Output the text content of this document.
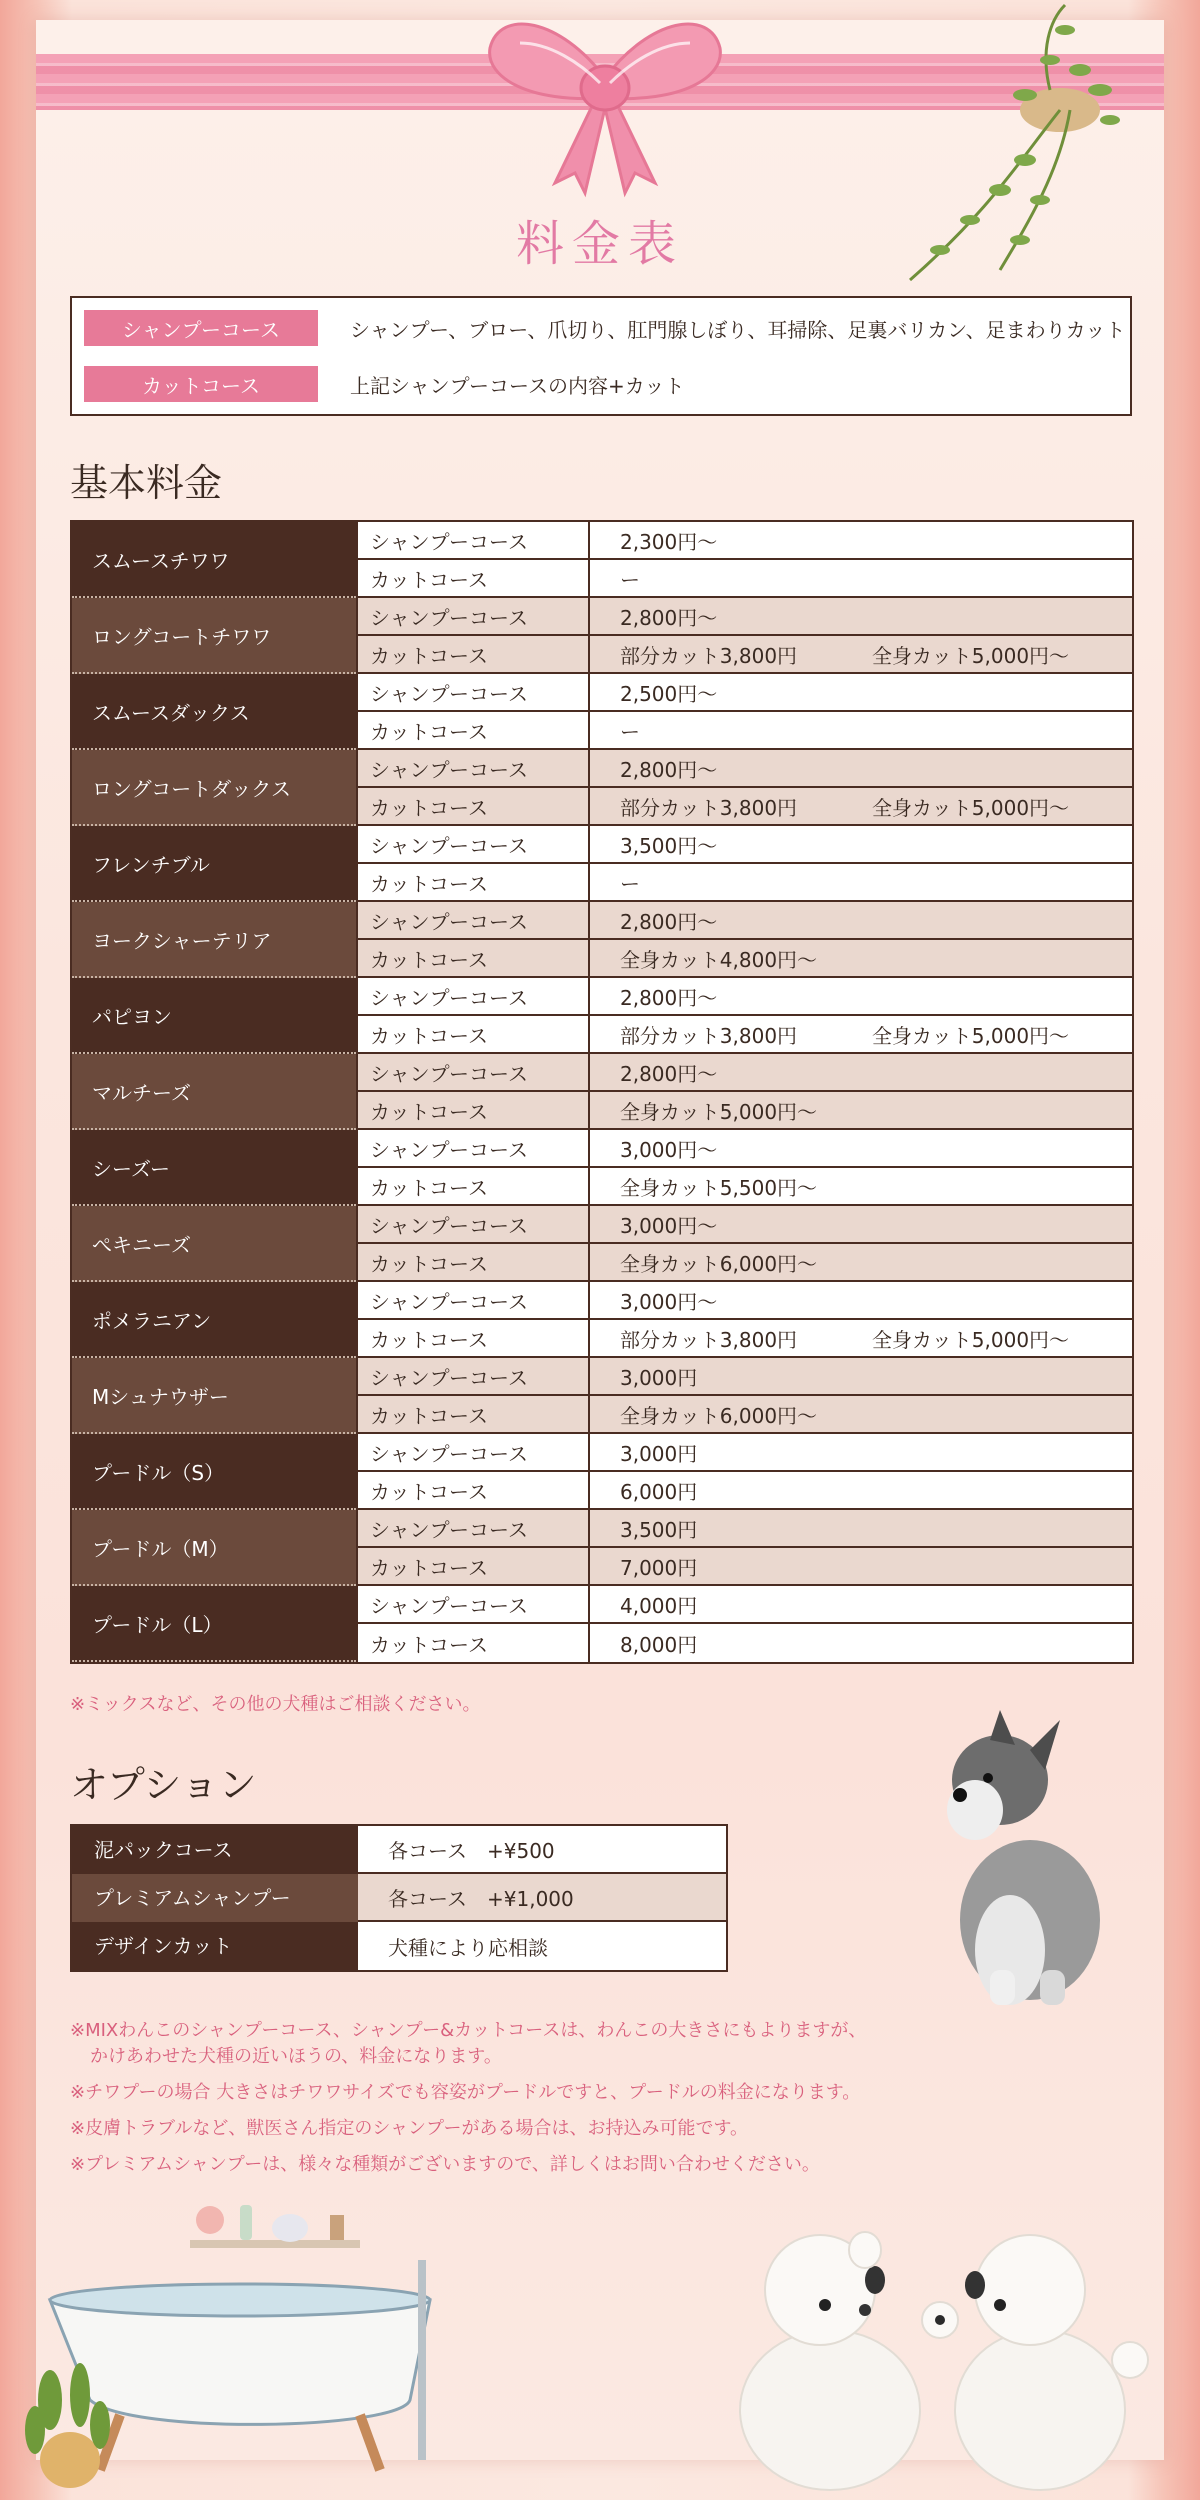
料金表
シャンプーコース	シャンプー、ブロー、爪切り、肛門腺しぼり、耳掃除、足裏バリカン、足まわりカット
カットコース	上記シャンプーコースの内容+カット
基本料金
スムースチワワ
シャンプーコース	2,300円〜
カットコース	ー
ロングコートチワワ
シャンプーコース	2,800円〜
カットコース	部分カット3,800円	全身カット5,000円〜
スムースダックス
シャンプーコース	2,500円〜
カットコース	ー
ロングコートダックス
シャンプーコース	2,800円〜
カットコース	部分カット3,800円	全身カット5,000円〜
フレンチブル
シャンプーコース	3,500円〜
カットコース	ー
ヨークシャーテリア
シャンプーコース	2,800円〜
カットコース	全身カット4,800円〜
パピヨン
シャンプーコース	2,800円〜
カットコース	部分カット3,800円	全身カット5,000円〜
マルチーズ
シャンプーコース	2,800円〜
カットコース	全身カット5,000円〜
シーズー
シャンプーコース	3,000円〜
カットコース	全身カット5,500円〜
ぺキニーズ
シャンプーコース	3,000円〜
カットコース	全身カット6,000円〜
ポメラニアン
シャンプーコース	3,000円〜
カットコース	部分カット3,800円	全身カット5,000円〜
Mシュナウザー
シャンプーコース	3,000円
カットコース	全身カット6,000円〜
プードル（S）
シャンプーコース	3,000円
カットコース	6,000円
プードル（M）
シャンプーコース	3,500円
カットコース	7,000円
プードル（L）
シャンプーコース	4,000円
カットコース	8,000円
※ミックスなど、その他の犬種はご相談ください。
オプション
泥パックコース	各コース　+¥500
プレミアムシャンプー	各コース　+¥1,000
デザインカット	犬種により応相談
※MIXわんこのシャンプーコース、シャンプー&カットコースは、わんこの大きさにもよりますが、
かけあわせた犬種の近いほうの、料金になります。
※チワプーの場合 大きさはチワワサイズでも容姿がプードルですと、プードルの料金になります。
※皮膚トラブルなど、獣医さん指定のシャンプーがある場合は、お持込み可能です。
※プレミアムシャンプーは、様々な種類がございますので、詳しくはお問い合わせください。
